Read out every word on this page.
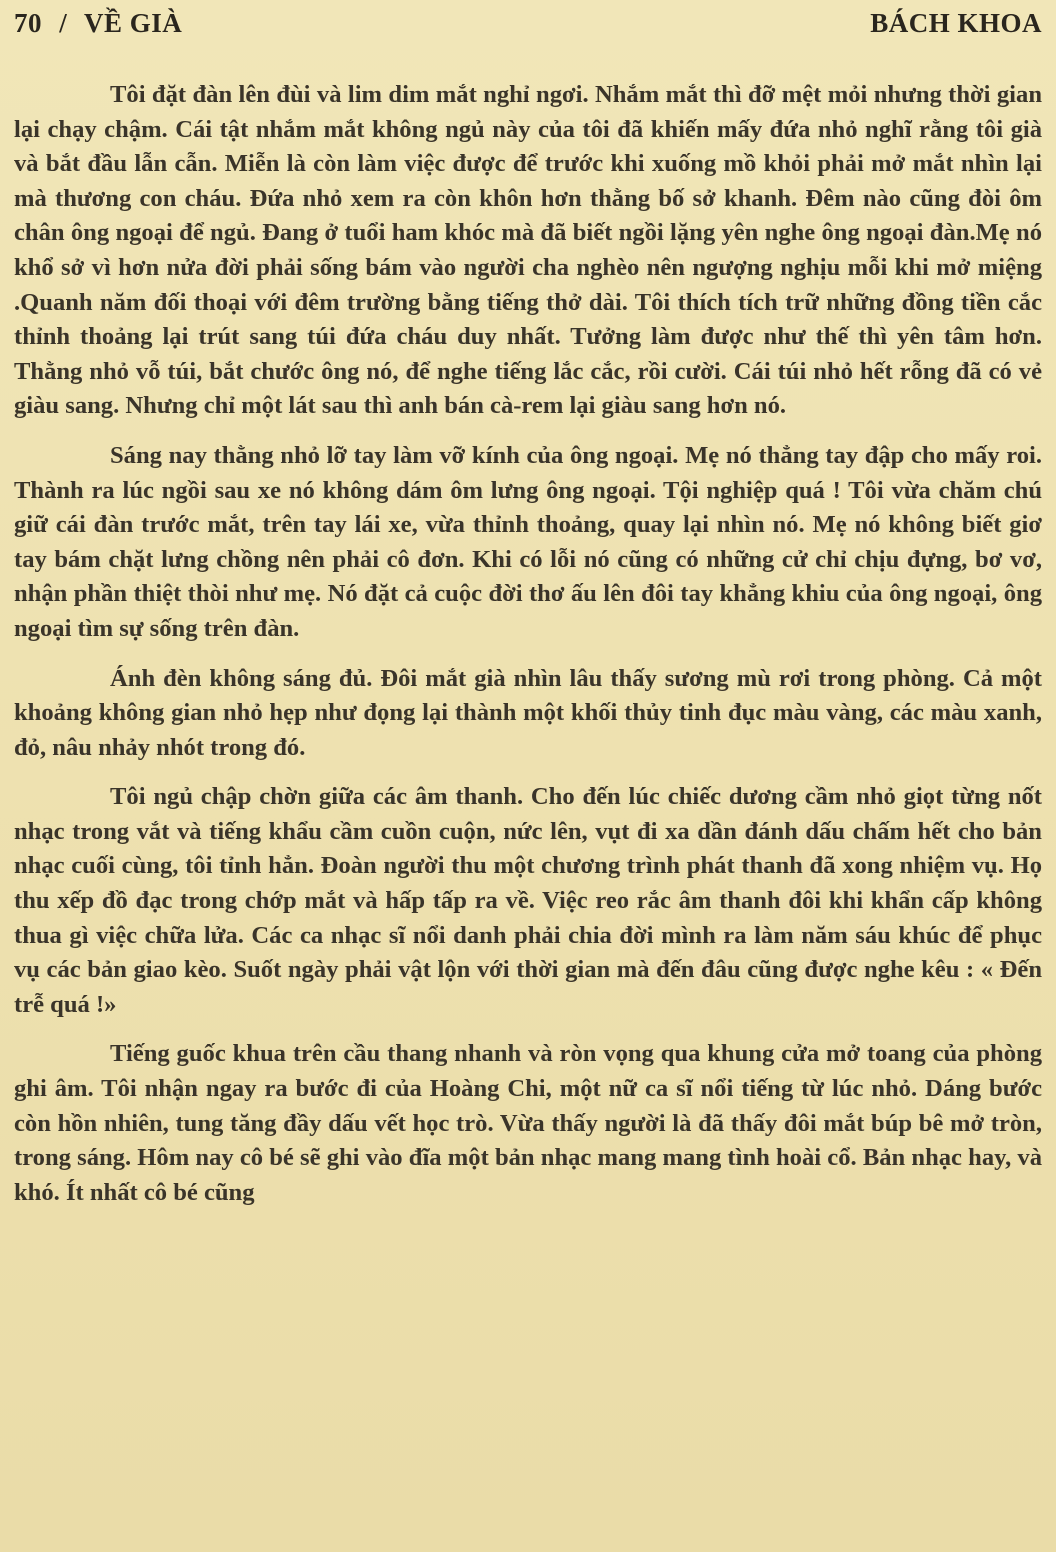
70 / VỀ GIÀ	BÁCH KHOA

Tôi đặt đàn lên đùi và lim dim mắt nghỉ ngơi. Nhắm mắt thì đỡ mệt mỏi nhưng thời gian lại chạy chậm. Cái tật nhắm mắt không ngủ này của tôi đã khiến mấy đứa nhỏ nghĩ rằng tôi già và bắt đầu lẫn cẫn. Miễn là còn làm việc được để trước khi xuống mồ khỏi phải mở mắt nhìn lại mà thương con cháu. Đứa nhỏ xem ra còn khôn hơn thằng bố sở khanh. Đêm nào cũng đòi ôm chân ông ngoại để ngủ. Đang ở tuổi ham khóc mà đã biết ngồi lặng yên nghe ông ngoại đàn.Mẹ nó khổ sở vì hơn nửa đời phải sống bám vào người cha nghèo nên ngượng nghịu mỗi khi mở miệng .Quanh năm đối thoại với đêm trường bằng tiếng thở dài. Tôi thích tích trữ những đồng tiền cắc thỉnh thoảng lại trút sang túi đứa cháu duy nhất. Tưởng làm được như thế thì yên tâm hơn. Thằng nhỏ vỗ túi, bắt chước ông nó, để nghe tiếng lắc cắc, rồi cười. Cái túi nhỏ hết rỗng đã có vẻ giàu sang. Nhưng chỉ một lát sau thì anh bán cà-rem lại giàu sang hơn nó.

Sáng nay thằng nhỏ lỡ tay làm vỡ kính của ông ngoại. Mẹ nó thẳng tay đập cho mấy roi. Thành ra lúc ngồi sau xe nó không dám ôm lưng ông ngoại. Tội nghiệp quá ! Tôi vừa chăm chú giữ cái đàn trước mắt, trên tay lái xe, vừa thỉnh thoảng, quay lại nhìn nó. Mẹ nó không biết giơ tay bám chặt lưng chồng nên phải cô đơn. Khi có lỗi nó cũng có những cử chỉ chịu đựng, bơ vơ, nhận phần thiệt thòi như mẹ. Nó đặt cả cuộc đời thơ ấu lên đôi tay khẳng khiu của ông ngoại, ông ngoại tìm sự sống trên đàn.

Ánh đèn không sáng đủ. Đôi mắt già nhìn lâu thấy sương mù rơi trong phòng. Cả một khoảng không gian nhỏ hẹp như đọng lại thành một khối thủy tinh đục màu vàng, các màu xanh, đỏ, nâu nhảy nhót trong đó.

Tôi ngủ chập chờn giữa các âm thanh. Cho đến lúc chiếc dương cầm nhỏ giọt từng nốt nhạc trong vắt và tiếng khẩu cầm cuồn cuộn, nức lên, vụt đi xa dần đánh dấu chấm hết cho bản nhạc cuối cùng, tôi tỉnh hẳn. Đoàn người thu một chương trình phát thanh đã xong nhiệm vụ. Họ thu xếp đồ đạc trong chớp mắt và hấp tấp ra về. Việc reo rắc âm thanh đôi khi khẩn cấp không thua gì việc chữa lửa. Các ca nhạc sĩ nổi danh phải chia đời mình ra làm năm sáu khúc để phục vụ các bản giao kèo. Suốt ngày phải vật lộn với thời gian mà đến đâu cũng được nghe kêu : « Đến trễ quá !»

Tiếng guốc khua trên cầu thang nhanh và ròn vọng qua khung cửa mở toang của phòng ghi âm. Tôi nhận ngay ra bước đi của Hoàng Chi, một nữ ca sĩ nổi tiếng từ lúc nhỏ. Dáng bước còn hồn nhiên, tung tăng đầy dấu vết học trò. Vừa thấy người là đã thấy đôi mắt búp bê mở tròn, trong sáng. Hôm nay cô bé sẽ ghi vào đĩa một bản nhạc mang mang tình hoài cổ. Bản nhạc hay, và khó. Ít nhất cô bé cũng
